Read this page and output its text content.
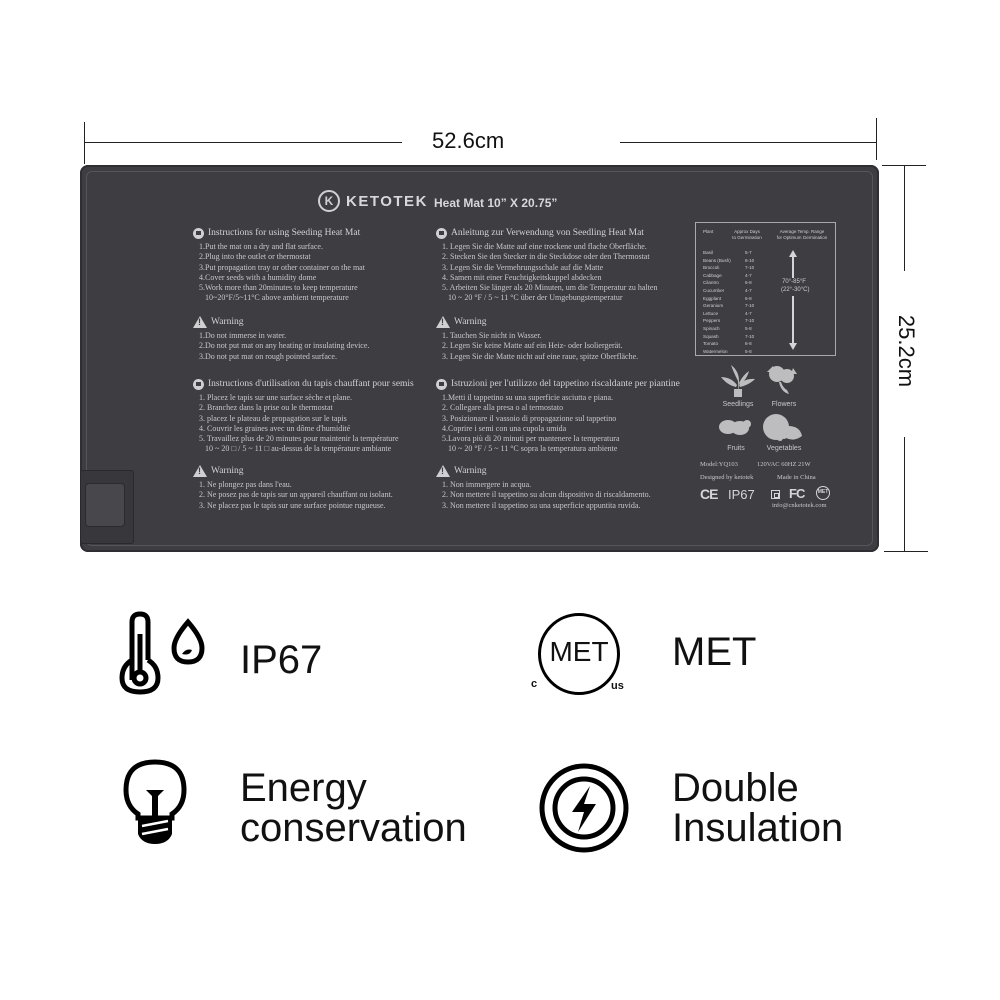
52.6cm
25.2cm
K KETOTEK Heat Mat 10” X 20.75”
Instructions for using Seeding Heat Mat
1.Put the mat on a dry and flat surface.
2.Plug into the outlet or thermostat
3.Put propagation tray or other container on the mat
4.Cover seeds with a humidity dome
5.Work more than 20minutes to keep temperature
10~20°F/5~11°C above ambient temperature
!
Warning
1.Do not immerse in water.
2.Do not put mat on any heating or insulating device.
3.Do not put mat on rough pointed surface.
Instructions d'utilisation du tapis chauffant pour semis
1. Placez le tapis sur une surface sèche et plane.
2. Branchez dans la prise ou le thermostat
3. placez le plateau de propagation sur le tapis
4. Couvrir les graines avec un dôme d'humidité
5. Travaillez plus de 20 minutes pour maintenir la température
10 ~ 20 □ / 5 ~ 11 □ au-dessus de la température ambiante
!
Warning
1. Ne plongez pas dans l'eau.
2. Ne posez pas de tapis sur un appareil chauffant ou isolant.
3. Ne placez pas le tapis sur une surface pointue rugueuse.
Anleitung zur Verwendung von Seedling Heat Mat
1. Legen Sie die Matte auf eine trockene und flache Oberfläche.
2. Stecken Sie den Stecker in die Steckdose oder den Thermostat
3. Legen Sie die Vermehrungsschale auf die Matte
4. Samen mit einer Feuchtigkeitskuppel abdecken
5. Arbeiten Sie länger als 20 Minuten, um die Temperatur zu halten
10 ~ 20 °F / 5 ~ 11 °C über der Umgebungstemperatur
!
Warning
1. Tauchen Sie nicht in Wasser.
2. Legen Sie keine Matte auf ein Heiz- oder Isoliergerät.
3. Legen Sie die Matte nicht auf eine raue, spitze Oberfläche.
Istruzioni per l'utilizzo del tappetino riscaldante per piantine
1.Metti il tappetino su una superficie asciutta e piana.
2. Collegare alla presa o al termostato
3. Posizionare il vassoio di propagazione sul tappetino
4.Coprire i semi con una cupola umida
5.Lavora più di 20 minuti per mantenere la temperatura
10 ~ 20 °F / 5 ~ 11 °C sopra la temperatura ambiente
!
Warning
1. Non immergere in acqua.
2. Non mettere il tappetino su alcun dispositivo di riscaldamento.
3. Non mettere il tappetino su una superficie appuntita ruvida.
Plant	Approx Days
to Germination
Average Temp. Range
for Optimum Germination
Basil	5-7
Beans (Bush)	6-10
Broccoli	7-10
Cabbage	4-7
Cilantro	6-8
Cucumber	4-7
Eggplant	6-8
Geranium	7-10
Lettuce	4-7
Peppers	7-10
Spinach	5-8
Squash	7-10
Tomato	6-8
Watermelon	5-8
70°-85°F
(22°-30°C)
Seedlings	Flowers
Fruits	Vegetables
Model:YQ103	120VAC 60HZ 21W
Designed by ketotek	Made in China
CE IP67	FC	MET
info@cnketotek.com
IP67	MET
c	us
MET
Energy
conservation
Double
Insulation
